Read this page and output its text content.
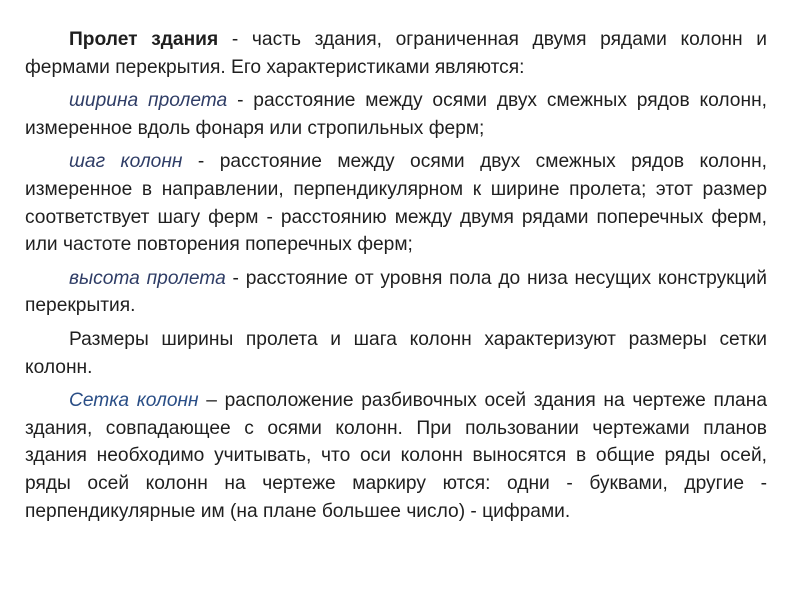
Пролет здания - часть здания, ограниченная двумя рядами колонн и фермами перекрытия. Его характеристиками являются:

ширина пролета - расстояние между осями двух смежных рядов колонн, измеренное вдоль фонаря или стропильных ферм;

шаг колонн - расстояние между осями двух смежных рядов колонн, измеренное в направлении, перпендикулярном к ширине пролета; этот размер соответствует шагу ферм - расстоянию между двумя рядами поперечных ферм, или частоте повторения поперечных ферм;

высота пролета - расстояние от уровня пола до низа несущих конструкций перекрытия.

Размеры ширины пролета и шага колонн характеризуют размеры сетки колонн.

Сетка колонн – расположение разбивочных осей здания на чертеже плана здания, совпадающее с осями колонн. При пользовании чертежами планов здания необходимо учитывать, что оси колонн выносятся в общие ряды осей, ряды осей колонн на чертеже маркиру ются: одни - буквами, другие - перпендикулярные им (на плане большее число) - цифрами.
